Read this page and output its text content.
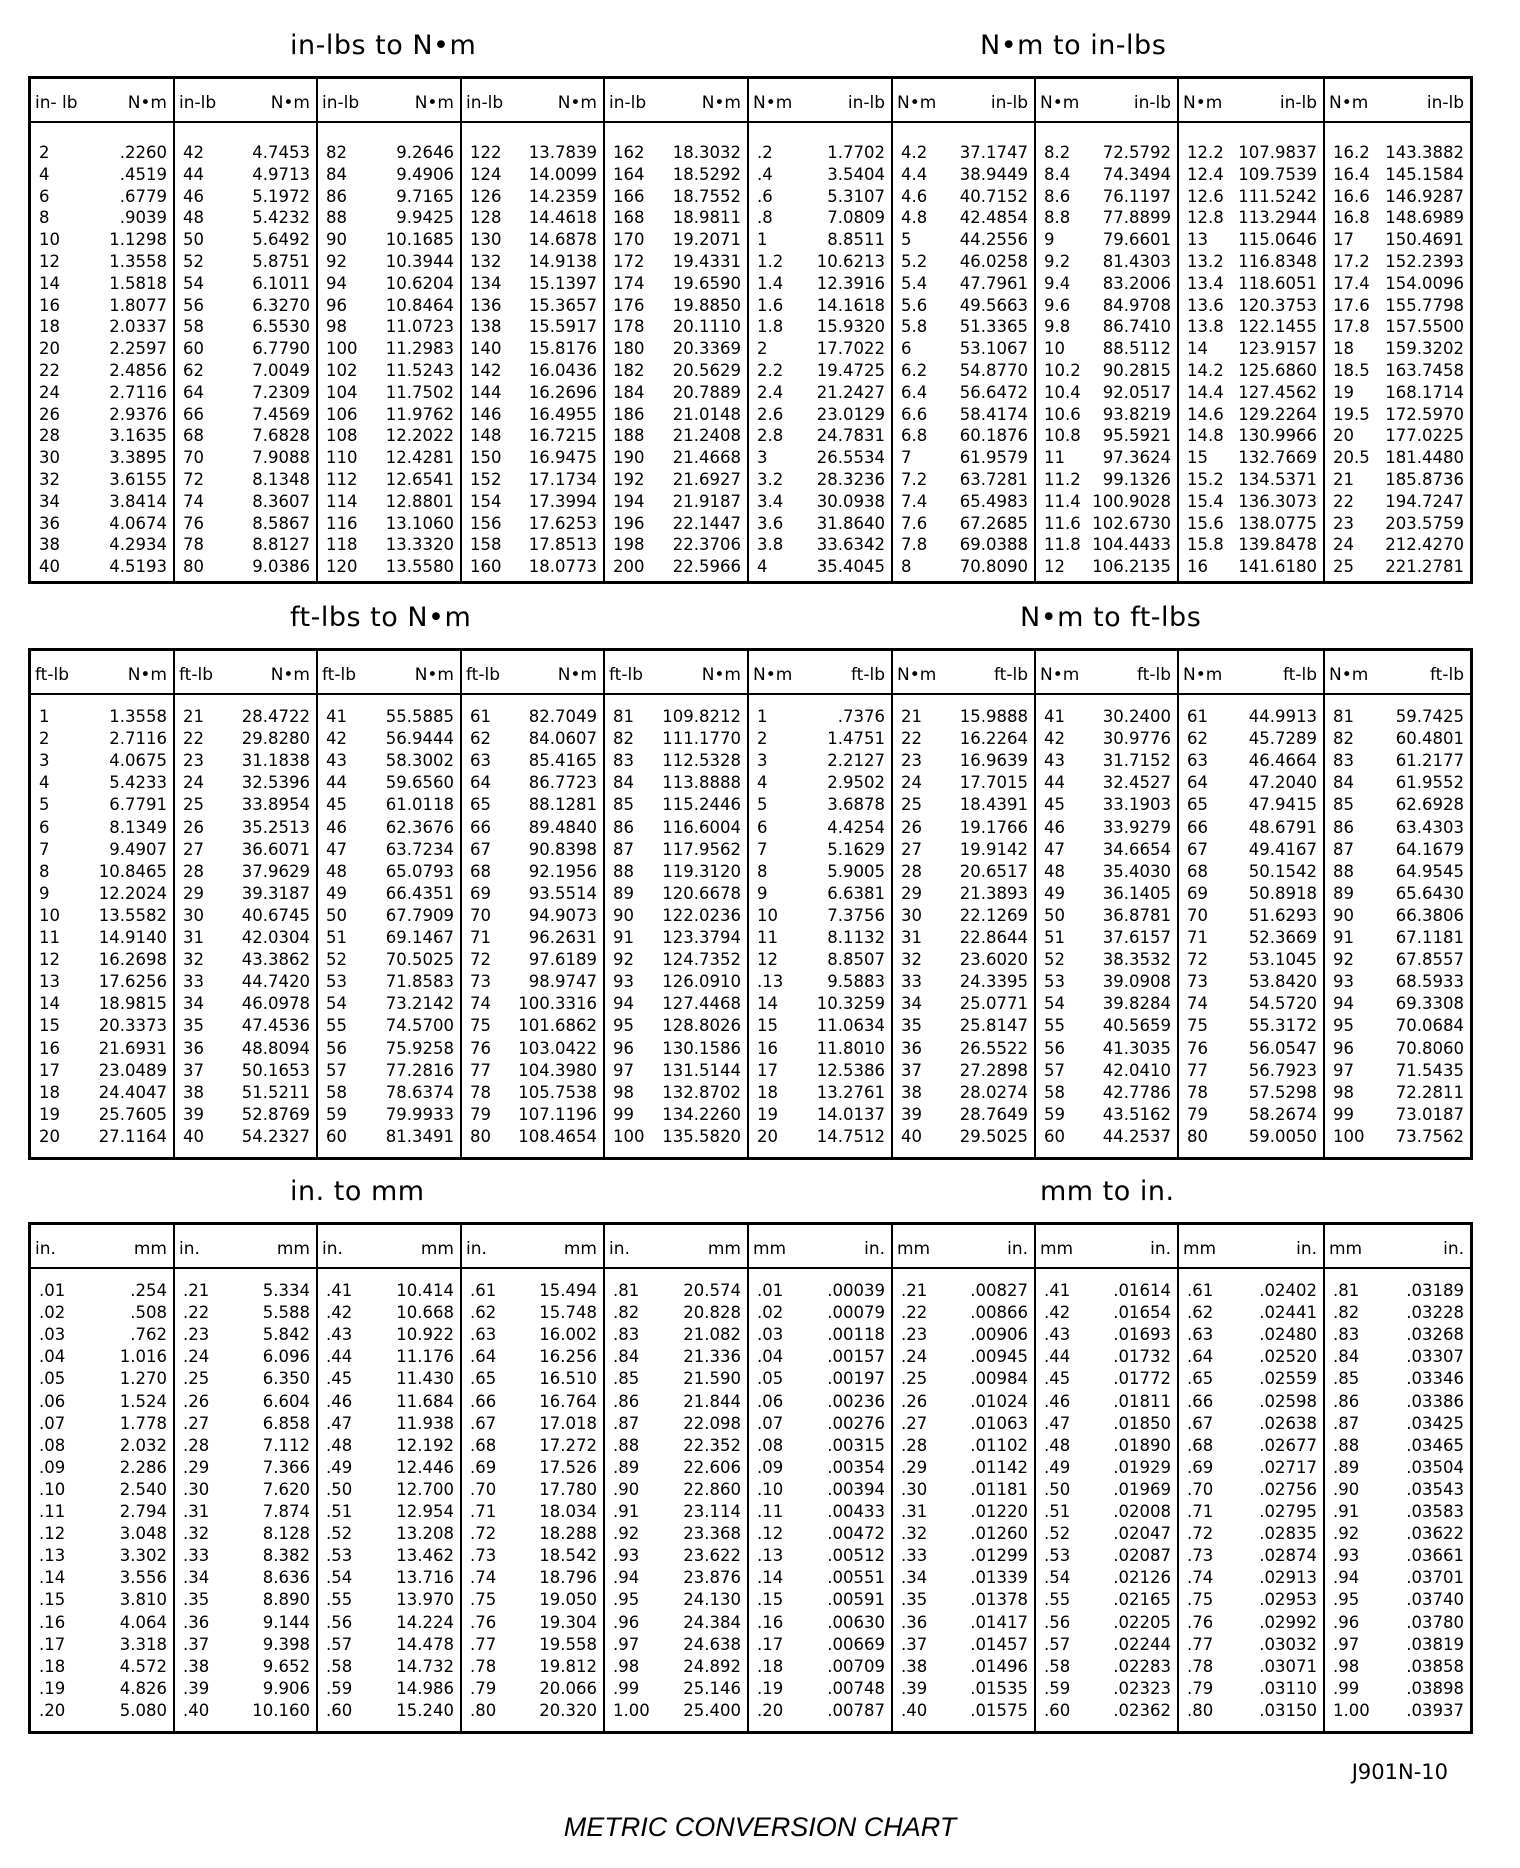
in-lbs to N•m	N•m to in-lbs
in- lb	N•m
2	.2260
4	.4519
6	.6779
8	.9039
10	1.1298
12	1.3558
14	1.5818
16	1.8077
18	2.0337
20	2.2597
22	2.4856
24	2.7116
26	2.9376
28	3.1635
30	3.3895
32	3.6155
34	3.8414
36	4.0674
38	4.2934
40	4.5193
in-lb	N•m
42	4.7453
44	4.9713
46	5.1972
48	5.4232
50	5.6492
52	5.8751
54	6.1011
56	6.3270
58	6.5530
60	6.7790
62	7.0049
64	7.2309
66	7.4569
68	7.6828
70	7.9088
72	8.1348
74	8.3607
76	8.5867
78	8.8127
80	9.0386
in-lb	N•m
82	9.2646
84	9.4906
86	9.7165
88	9.9425
90 10.1685
92 10.3944
94 10.6204
96 10.8464
98 11.0723
100 11.2983
102 11.5243
104 11.7502
106 11.9762
108 12.2022
110 12.4281
112 12.6541
114 12.8801
116 13.1060
118 13.3320
120 13.5580
in-lb	N•m
122 13.7839
124 14.0099
126 14.2359
128 14.4618
130 14.6878
132 14.9138
134 15.1397
136 15.3657
138 15.5917
140 15.8176
142 16.0436
144 16.2696
146 16.4955
148 16.7215
150 16.9475
152 17.1734
154 17.3994
156 17.6253
158 17.8513
160 18.0773
in-lb	N•m
162 18.3032
164 18.5292
166 18.7552
168 18.9811
170 19.2071
172 19.4331
174 19.6590
176 19.8850
178 20.1110
180 20.3369
182 20.5629
184 20.7889
186 21.0148
188 21.2408
190 21.4668
192 21.6927
194 21.9187
196 22.1447
198 22.3706
200 22.5966
N•m	in-lb
.2	1.7702
.4	3.5404
.6	5.3107
.8	7.0809
1	8.8511
1.2 10.6213
1.4 12.3916
1.6 14.1618
1.8 15.9320
2	17.7022
2.2 19.4725
2.4 21.2427
2.6 23.0129
2.8 24.7831
3	26.5534
3.2 28.3236
3.4 30.0938
3.6 31.8640
3.8 33.6342
4	35.4045
N•m	in-lb
4.2 37.1747
4.4 38.9449
4.6 40.7152
4.8 42.4854
5	44.2556
5.2 46.0258
5.4 47.7961
5.6 49.5663
5.8 51.3365
6	53.1067
6.2 54.8770
6.4 56.6472
6.6 58.4174
6.8 60.1876
7	61.9579
7.2 63.7281
7.4 65.4983
7.6 67.2685
7.8 69.0388
8	70.8090
N•m	in-lb
8.2 72.5792
8.4 74.3494
8.6 76.1197
8.8 77.8899
9	79.6601
9.2 81.4303
9.4 83.2006
9.6 84.9708
9.8 86.7410
10 88.5112
10.2 90.2815
10.4 92.0517
10.6 93.8219
10.8 95.5921
11 97.3624
11.2 99.1326
11.4 100.9028
11.6 102.6730
11.8 104.4433
12 106.2135
N•m	in-lb
12.2 107.9837
12.4 109.7539
12.6 111.5242
12.8 113.2944
13 115.0646
13.2 116.8348
13.4 118.6051
13.6 120.3753
13.8 122.1455
14 123.9157
14.2 125.6860
14.4 127.4562
14.6 129.2264
14.8 130.9966
15 132.7669
15.2 134.5371
15.4 136.3073
15.6 138.0775
15.8 139.8478
16 141.6180
N•m	in-lb
16.2 143.3882
16.4 145.1584
16.6 146.9287
16.8 148.6989
17 150.4691
17.2 152.2393
17.4 154.0096
17.6 155.7798
17.8 157.5500
18 159.3202
18.5 163.7458
19 168.1714
19.5 172.5970
20 177.0225
20.5 181.4480
21 185.8736
22 194.7247
23 203.5759
24 212.4270
25 221.2781
ft-lbs to N•m	N•m to ft-lbs
ft-lb	N•m
1	1.3558
2	2.7116
3	4.0675
4	5.4233
5	6.7791
6	8.1349
7	9.4907
8	10.8465
9	12.2024
10 13.5582
11 14.9140
12 16.2698
13 17.6256
14 18.9815
15 20.3373
16 21.6931
17 23.0489
18 24.4047
19 25.7605
20 27.1164
ft-lb	N•m
21 28.4722
22 29.8280
23 31.1838
24 32.5396
25 33.8954
26 35.2513
27 36.6071
28 37.9629
29 39.3187
30 40.6745
31 42.0304
32 43.3862
33 44.7420
34 46.0978
35 47.4536
36 48.8094
37 50.1653
38 51.5211
39 52.8769
40 54.2327
ft-lb	N•m
41 55.5885
42 56.9444
43 58.3002
44 59.6560
45 61.0118
46 62.3676
47 63.7234
48 65.0793
49 66.4351
50 67.7909
51 69.1467
52 70.5025
53 71.8583
54 73.2142
55 74.5700
56 75.9258
57 77.2816
58 78.6374
59 79.9933
60 81.3491
ft-lb	N•m
61 82.7049
62 84.0607
63 85.4165
64 86.7723
65 88.1281
66 89.4840
67 90.8398
68 92.1956
69 93.5514
70 94.9073
71 96.2631
72 97.6189
73 98.9747
74 100.3316
75 101.6862
76 103.0422
77 104.3980
78 105.7538
79 107.1196
80 108.4654
ft-lb	N•m
81 109.8212
82 111.1770
83 112.5328
84 113.8888
85 115.2446
86 116.6004
87 117.9562
88 119.3120
89 120.6678
90 122.0236
91 123.3794
92 124.7352
93 126.0910
94 127.4468
95 128.8026
96 130.1586
97 131.5144
98 132.8702
99 134.2260
100 135.5820
N•m	ft-lb
1	.7376
2	1.4751
3	2.2127
4	2.9502
5	3.6878
6	4.4254
7	5.1629
8	5.9005
9	6.6381
10	7.3756
11	8.1132
12	8.8507
.13	9.5883
14 10.3259
15 11.0634
16 11.8010
17 12.5386
18 13.2761
19 14.0137
20 14.7512
N•m	ft-lb
21 15.9888
22 16.2264
23 16.9639
24 17.7015
25 18.4391
26 19.1766
27 19.9142
28 20.6517
29 21.3893
30 22.1269
31 22.8644
32 23.6020
33 24.3395
34 25.0771
35 25.8147
36 26.5522
37 27.2898
38 28.0274
39 28.7649
40 29.5025
N•m	ft-lb
41 30.2400
42 30.9776
43 31.7152
44 32.4527
45 33.1903
46 33.9279
47 34.6654
48 35.4030
49 36.1405
50 36.8781
51 37.6157
52 38.3532
53 39.0908
54 39.8284
55 40.5659
56 41.3035
57 42.0410
58 42.7786
59 43.5162
60 44.2537
N•m	ft-lb
61 44.9913
62 45.7289
63 46.4664
64 47.2040
65 47.9415
66 48.6791
67 49.4167
68 50.1542
69 50.8918
70 51.6293
71 52.3669
72 53.1045
73 53.8420
74 54.5720
75 55.3172
76 56.0547
77 56.7923
78 57.5298
79 58.2674
80 59.0050
N•m	ft-lb
81	59.7425
82	60.4801
83	61.2177
84	61.9552
85	62.6928
86	63.4303
87	64.1679
88	64.9545
89	65.6430
90	66.3806
91	67.1181
92	67.8557
93	68.5933
94	69.3308
95	70.0684
96	70.8060
97	71.5435
98	72.2811
99	73.0187
100 73.7562
in. to mm	mm to in.
in.	mm
.01	.254
.02	.508
.03	.762
.04	1.016
.05	1.270
.06	1.524
.07	1.778
.08	2.032
.09	2.286
.10	2.540
.11	2.794
.12	3.048
.13	3.302
.14	3.556
.15	3.810
.16	4.064
.17	3.318
.18	4.572
.19	4.826
.20	5.080
in.	mm
.21	5.334
.22	5.588
.23	5.842
.24	6.096
.25	6.350
.26	6.604
.27	6.858
.28	7.112
.29	7.366
.30	7.620
.31	7.874
.32	8.128
.33	8.382
.34	8.636
.35	8.890
.36	9.144
.37	9.398
.38	9.652
.39	9.906
.40	10.160
in.	mm
.41	10.414
.42	10.668
.43	10.922
.44	11.176
.45	11.430
.46	11.684
.47	11.938
.48	12.192
.49	12.446
.50	12.700
.51	12.954
.52	13.208
.53	13.462
.54	13.716
.55	13.970
.56	14.224
.57	14.478
.58	14.732
.59	14.986
.60	15.240
in.	mm
.61	15.494
.62	15.748
.63	16.002
.64	16.256
.65	16.510
.66	16.764
.67	17.018
.68	17.272
.69	17.526
.70	17.780
.71	18.034
.72	18.288
.73	18.542
.74	18.796
.75	19.050
.76	19.304
.77	19.558
.78	19.812
.79	20.066
.80	20.320
in.	mm
.81	20.574
.82	20.828
.83	21.082
.84	21.336
.85	21.590
.86	21.844
.87	22.098
.88	22.352
.89	22.606
.90	22.860
.91	23.114
.92	23.368
.93	23.622
.94	23.876
.95	24.130
.96	24.384
.97	24.638
.98	24.892
.99	25.146
1.00 25.400
mm	in.
.01	.00039
.02	.00079
.03	.00118
.04	.00157
.05	.00197
.06	.00236
.07	.00276
.08	.00315
.09	.00354
.10	.00394
.11	.00433
.12	.00472
.13	.00512
.14	.00551
.15	.00591
.16	.00630
.17	.00669
.18	.00709
.19	.00748
.20	.00787
mm	in.
.21	.00827
.22	.00866
.23	.00906
.24	.00945
.25	.00984
.26	.01024
.27	.01063
.28	.01102
.29	.01142
.30	.01181
.31	.01220
.32	.01260
.33	.01299
.34	.01339
.35	.01378
.36	.01417
.37	.01457
.38	.01496
.39	.01535
.40	.01575
mm	in.
.41	.01614
.42	.01654
.43	.01693
.44	.01732
.45	.01772
.46	.01811
.47	.01850
.48	.01890
.49	.01929
.50	.01969
.51	.02008
.52	.02047
.53	.02087
.54	.02126
.55	.02165
.56	.02205
.57	.02244
.58	.02283
.59	.02323
.60	.02362
mm	in.
.61	.02402
.62	.02441
.63	.02480
.64	.02520
.65	.02559
.66	.02598
.67	.02638
.68	.02677
.69	.02717
.70	.02756
.71	.02795
.72	.02835
.73	.02874
.74	.02913
.75	.02953
.76	.02992
.77	.03032
.78	.03071
.79	.03110
.80	.03150
mm	in.
.81	.03189
.82	.03228
.83	.03268
.84	.03307
.85	.03346
.86	.03386
.87	.03425
.88	.03465
.89	.03504
.90	.03543
.91	.03583
.92	.03622
.93	.03661
.94	.03701
.95	.03740
.96	.03780
.97	.03819
.98	.03858
.99	.03898
1.00 .03937
J901N-10
METRIC CONVERSION CHART
